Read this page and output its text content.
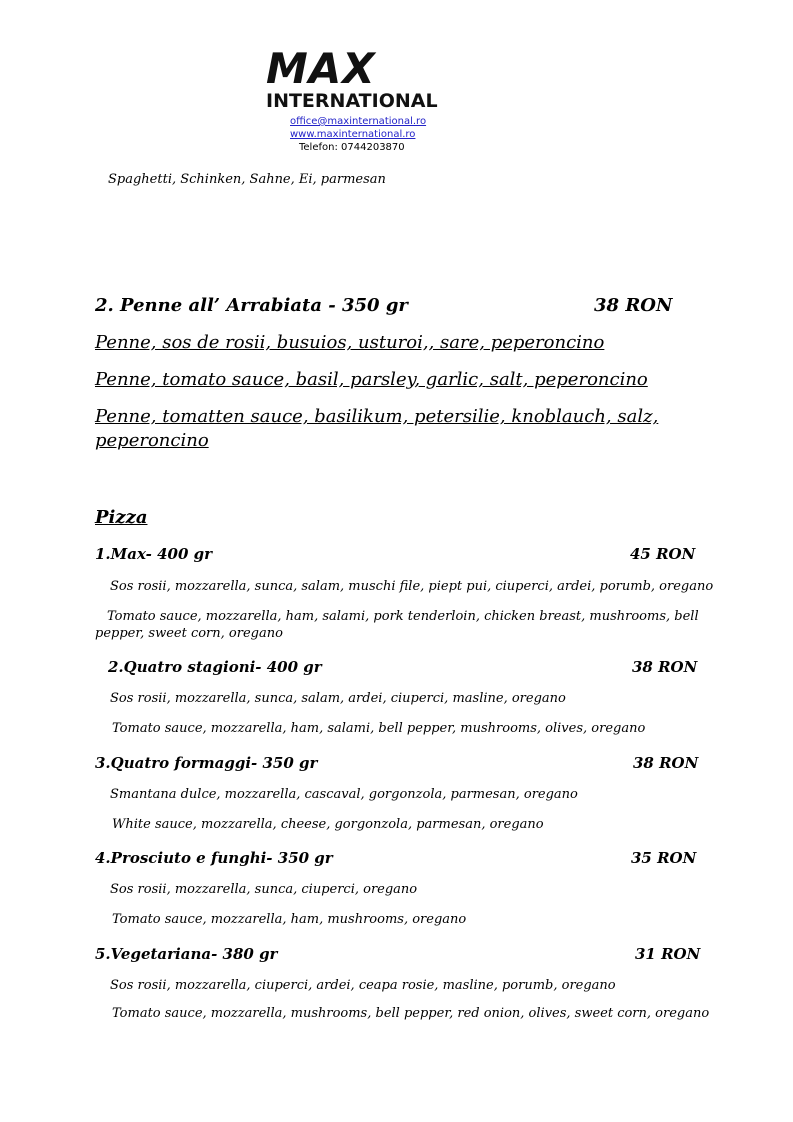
MAX
INTERNATIONAL
office@maxinternational.ro
www.maxinternational.ro
Telefon: 0744203870
Spaghetti, Schinken, Sahne, Ei, parmesan
2. Penne all’ Arrabiata - 350 gr	38 RON
Penne, sos de rosii, busuios, usturoi,, sare, peperoncino
Penne, tomato sauce, basil, parsley, garlic, salt, peperoncino
Penne, tomatten sauce, basilikum, petersilie, knoblauch, salz,
peperoncino
Pizza
1.Max- 400 gr	45 RON
Sos rosii, mozzarella, sunca, salam, muschi file, piept pui, ciuperci, ardei, porumb, oregano
Tomato sauce, mozzarella, ham, salami, pork tenderloin, chicken breast, mushrooms, bell
pepper, sweet corn, oregano
2.Quatro stagioni- 400 gr	38 RON
Sos rosii, mozzarella, sunca, salam, ardei, ciuperci, masline, oregano
Tomato sauce, mozzarella, ham, salami, bell pepper, mushrooms, olives, oregano
3.Quatro formaggi- 350 gr	38 RON
Smantana dulce, mozzarella, cascaval, gorgonzola, parmesan, oregano
White sauce, mozzarella, cheese, gorgonzola, parmesan, oregano
4.Prosciuto e funghi- 350 gr	35 RON
Sos rosii, mozzarella, sunca, ciuperci, oregano
Tomato sauce, mozzarella, ham, mushrooms, oregano
5.Vegetariana- 380 gr	31 RON
Sos rosii, mozzarella, ciuperci, ardei, ceapa rosie, masline, porumb, oregano
Tomato sauce, mozzarella, mushrooms, bell pepper, red onion, olives, sweet corn, oregano
